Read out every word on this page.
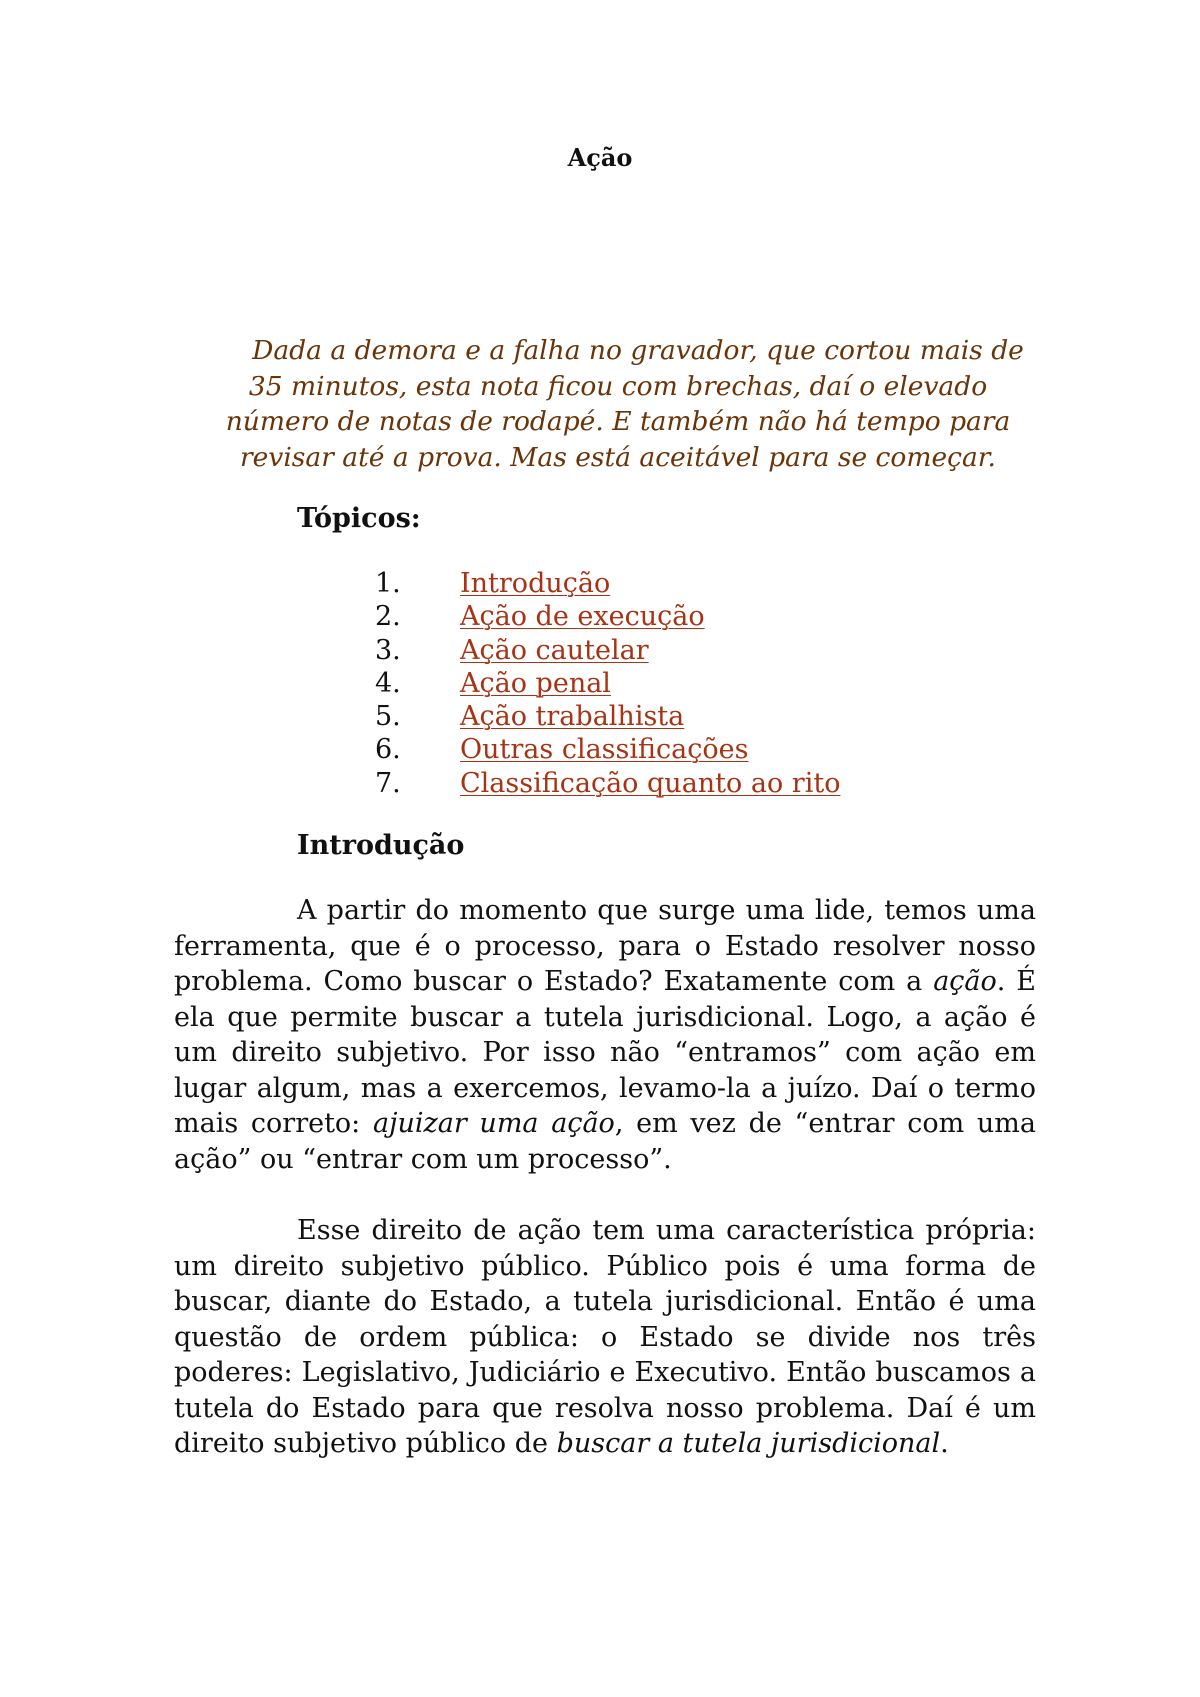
Ação

Dada a demora e a falha no gravador, que cortou mais de 35 minutos, esta nota ficou com brechas, daí o elevado número de notas de rodapé. E também não há tempo para revisar até a prova. Mas está aceitável para se começar.

Tópicos:
1.	Introdução
2.	Ação de execução
3.	Ação cautelar
4.	Ação penal
5.	Ação trabalhista
6.	Outras classificações
7.	Classificação quanto ao rito
Introdução

A partir do momento que surge uma lide, temos uma ferramenta, que é o processo, para o Estado resolver nosso problema. Como buscar o Estado? Exatamente com a ação. É ela que permite buscar a tutela jurisdicional. Logo, a ação é um direito subjetivo. Por isso não “entramos” com ação em lugar algum, mas a exercemos, levamo-la a juízo. Daí o termo mais correto: ajuizar uma ação, em vez de “entrar com uma ação” ou “entrar com um processo”.

Esse direito de ação tem uma característica própria: um direito subjetivo público. Público pois é uma forma de buscar, diante do Estado, a tutela jurisdicional. Então é uma questão de ordem pública: o Estado se divide nos três poderes: Legislativo, Judiciário e Executivo. Então buscamos a tutela do Estado para que resolva nosso problema. Daí é um direito subjetivo público de buscar a tutela jurisdicional.
